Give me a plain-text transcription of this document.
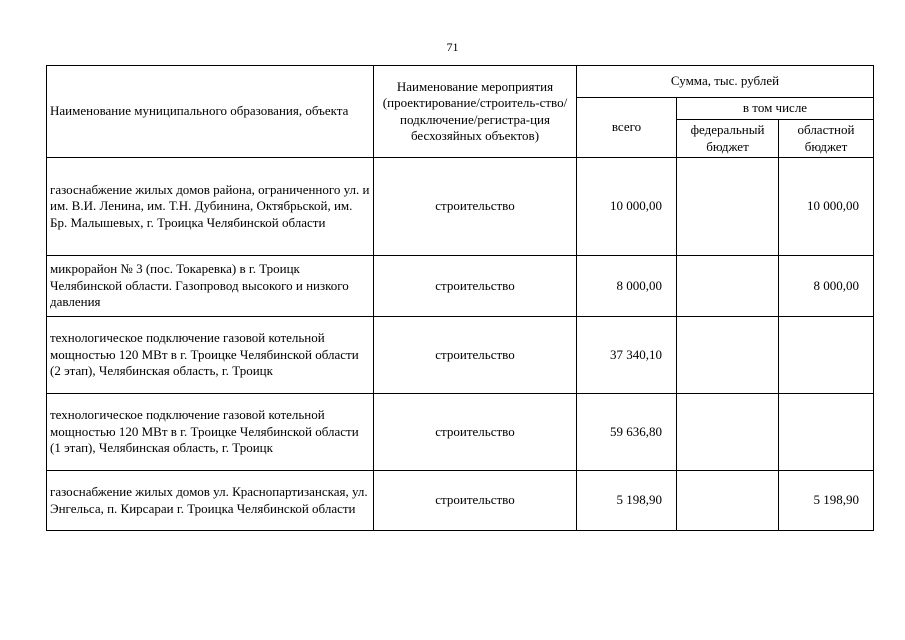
71
Наименование муниципального образования, объекта	Наименование мероприятия (проектирование/строитель-ство/подключение/регистра-ция бесхозяйных объектов)	Сумма, тыс. рублей		
		всего	в том числе	
			федеральный бюджет	областной бюджет
газоснабжение жилых домов района, ограниченного ул. и им. В.И. Ленина, им. Т.Н. Дубинина, Октябрьской, им. Бр. Малышевых, г. Троицка Челябинской области	строительство	10 000,00		10 000,00
микрорайон № 3 (пос. Токаревка) в г. Троицк Челябинской области. Газопровод высокого и низкого давления	строительство	8 000,00		8 000,00
технологическое подключение газовой котельной мощностью 120 МВт в г. Троицке Челябинской области (2 этап), Челябинская область, г. Троицк	строительство	37 340,10		
технологическое подключение газовой котельной мощностью 120 МВт в г. Троицке Челябинской области (1 этап), Челябинская область, г. Троицк	строительство	59 636,80		
газоснабжение жилых домов ул. Краснопартизанская, ул. Энгельса, п. Кирсараи г. Троицка Челябинской области	строительство	5 198,90		5 198,90
